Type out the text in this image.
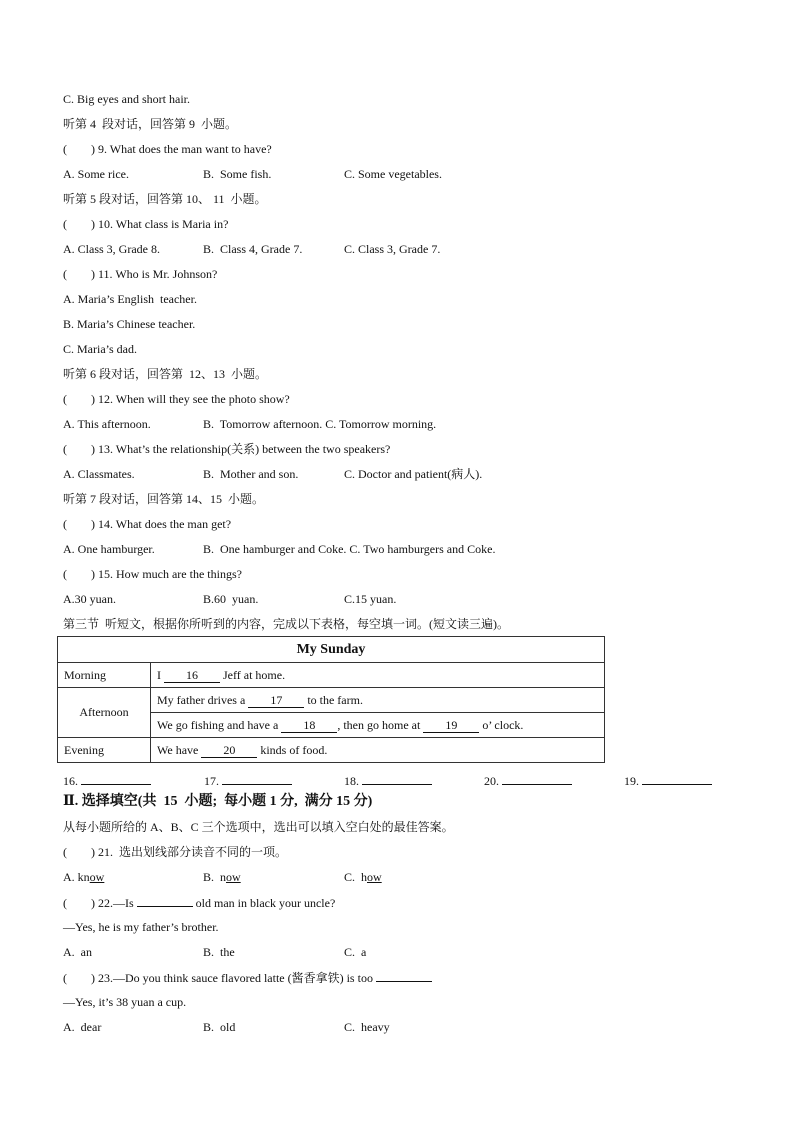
C. Big eyes and short hair.
听第 4  段对话，回答第 9  小题。
(        ) 9. What does the man want to have?
A. Some rice.	B.  Some fish.	C. Some vegetables.
听第 5 段对话，回答第 10、 11  小题。
(        ) 10. What class is Maria in?
A. Class 3, Grade 8.	B.  Class 4, Grade 7.	C. Class 3, Grade 7.
(        ) 11. Who is Mr. Johnson?
A. Maria’s English  teacher.
B. Maria’s Chinese teacher.
C. Maria’s dad.
听第 6 段对话，回答第  12、13  小题。
(        ) 12. When will they see the photo show?
A. This afternoon.	B.  Tomorrow afternoon. C. Tomorrow morning.
(        ) 13. What’s the relationship(关系) between the two speakers?
A. Classmates.	B.  Mother and son.	C. Doctor and patient(病人).
听第 7 段对话，回答第 14、15  小题。
(        ) 14. What does the man get?
A. One hamburger.	B.  One hamburger and Coke. C. Two hamburgers and Coke.
(        ) 15. How much are the things?
A.30 yuan.	B.60  yuan.	C.15 yuan.
第三节  听短文，根据你所听到的内容，完成以下表格，每空填一词。(短文读三遍)。
My Sunday	
Morning	I 16 Jeff at home.
Afternoon	My father drives a 17 to the farm.
	We go fishing and have a 18 , then go home at 19 o’ clock.
Evening	We have 20 kinds of food.
16.	17.	18.	20.	19.
Ⅱ. 选择填空(共  15  小题;  每小题 1 分,  满分 15 分)
从每小题所给的 A、B、C 三个选项中，选出可以填入空白处的最佳答案。
(        ) 21.  选出划线部分读音不同的一项。
A. know	B.  now	C.  how
(        ) 22.—Is	old man in black your uncle?
—Yes, he is my father’s brother.
A.  an	B.  the	C.  a
(        ) 23.—Do you think sauce flavored latte (酱香拿铁) is too
—Yes, it’s 38 yuan a cup.
A.  dear	B.  old	C.  heavy
